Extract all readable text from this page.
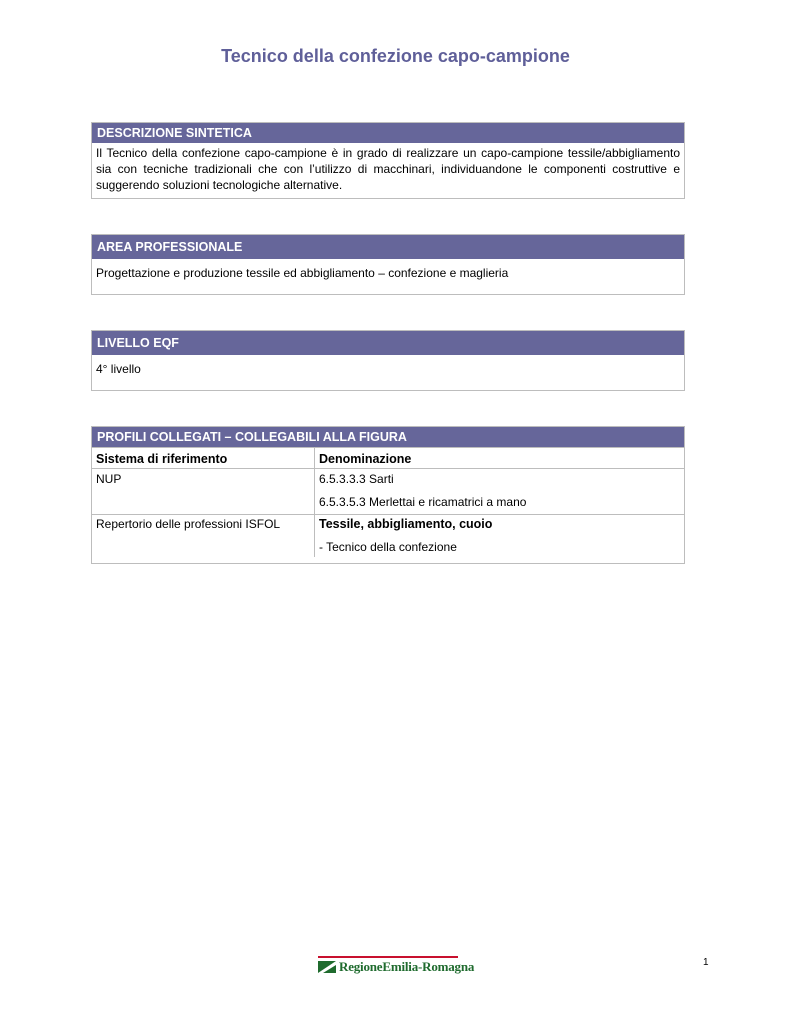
Tecnico della confezione capo-campione
DESCRIZIONE SINTETICA
Il Tecnico della confezione capo-campione è in grado di realizzare un capo-campione tessile/abbigliamento sia con tecniche tradizionali che con l’utilizzo di macchinari, individuandone le componenti costruttive e suggerendo soluzioni tecnologiche alternative.
AREA PROFESSIONALE
Progettazione e produzione tessile ed abbigliamento – confezione e maglieria
LIVELLO EQF
4° livello
PROFILI COLLEGATI – COLLEGABILI ALLA FIGURA
Sistema di riferimento	Denominazione
NUP	6.5.3.3.3 Sarti
6.5.3.5.3 Merlettai e ricamatrici a mano

Repertorio delle professioni ISFOL	Tessile, abbigliamento, cuoio
- Tecnico della confezione
RegioneEmilia-Romagna	1
